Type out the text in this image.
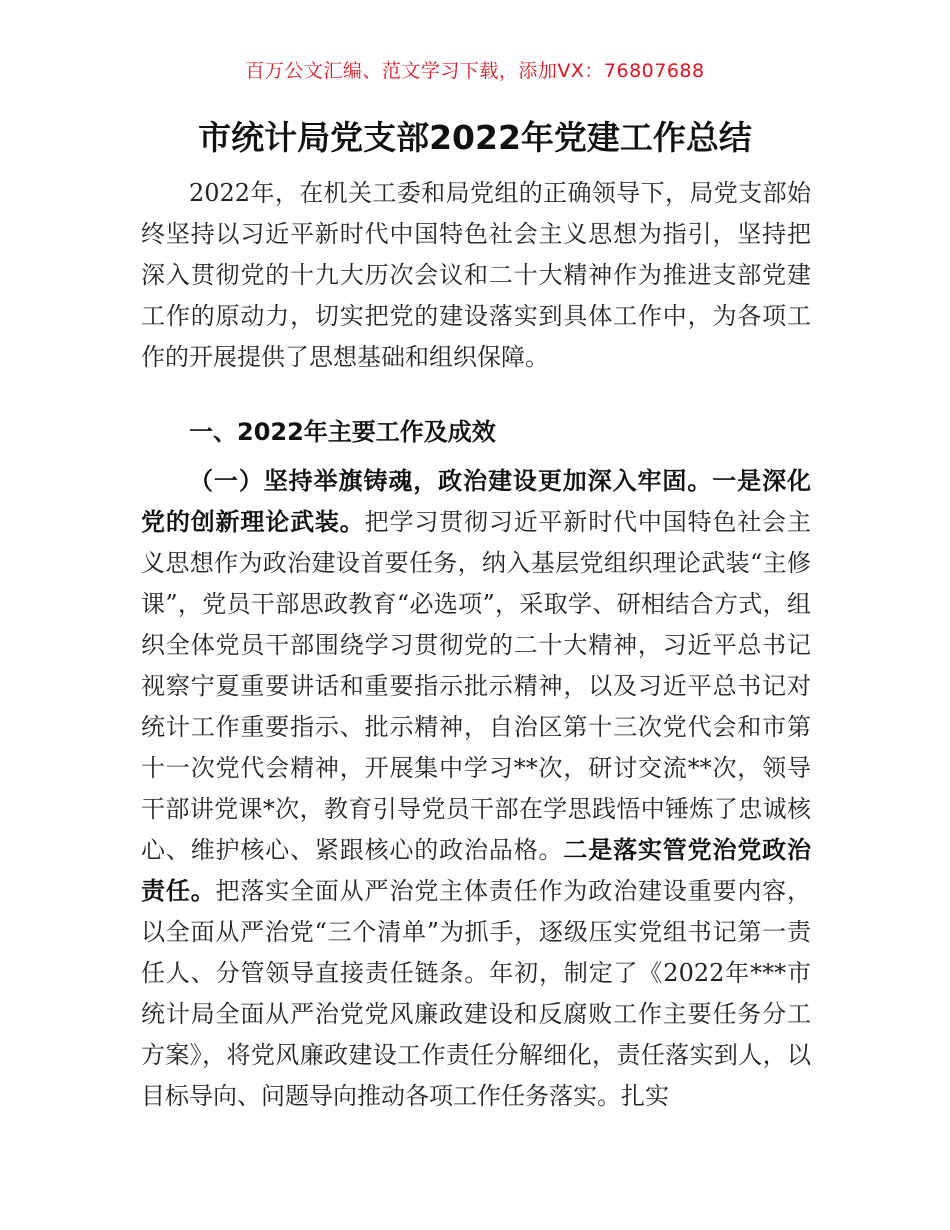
百万公文汇编、范文学习下载，添加VX：76807688
市统计局党支部2022年党建工作总结
2022年，在机关工委和局党组的正确领导下，局党支部始终坚持以习近平新时代中国特色社会主义思想为指引，坚持把深入贯彻党的十九大历次会议和二十大精神作为推进支部党建工作的原动力，切实把党的建设落实到具体工作中，为各项工作的开展提供了思想基础和组织保障。
一、2022年主要工作及成效
（一）坚持举旗铸魂，政治建设更加深入牢固。一是深化党的创新理论武装。把学习贯彻习近平新时代中国特色社会主义思想作为政治建设首要任务，纳入基层党组织理论武装“主修课”，党员干部思政教育“必选项”，采取学、研相结合方式，组织全体党员干部围绕学习贯彻党的二十大精神，习近平总书记视察宁夏重要讲话和重要指示批示精神，以及习近平总书记对统计工作重要指示、批示精神，自治区第十三次党代会和市第十一次党代会精神，开展集中学习**次，研讨交流**次，领导干部讲党课*次，教育引导党员干部在学思践悟中锤炼了忠诚核心、维护核心、紧跟核心的政治品格。二是落实管党治党政治责任。把落实全面从严治党主体责任作为政治建设重要内容，以全面从严治党“三个清单”为抓手，逐级压实党组书记第一责任人、分管领导直接责任链条。年初，制定了《2022年***市统计局全面从严治党党风廉政建设和反腐败工作主要任务分工方案》，将党风廉政建设工作责任分解细化，责任落实到人，以目标导向、问题导向推动各项工作任务落实。扎实
